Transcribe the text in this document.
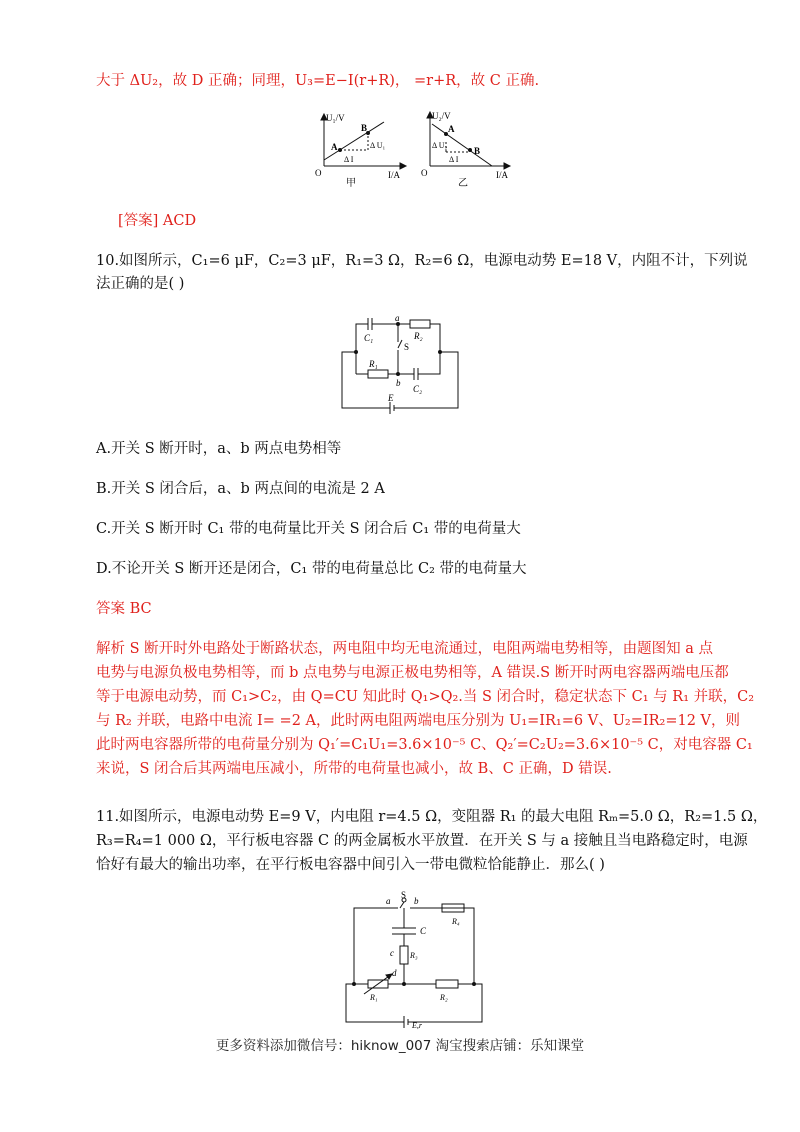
大于 ΔU₂，故 D 正确；同理，U₃=E−I(r+R)， =r+R，故 C 正确.
U₁/V
I/A
O
A
B
Δ U₁
Δ I
甲
U₂/V
I/A
O
A
B
Δ U₂
Δ I
乙
[答案] ACD
10.如图所示，C₁=6 μF，C₂=3 μF，R₁=3 Ω，R₂=6 Ω，电源电动势 E=18 V，内阻不计，下列说
法正确的是( )
a
b
C₁
C₂
R₁
R₂
S
E
A.开关 S 断开时，a、b 两点电势相等
B.开关 S 闭合后，a、b 两点间的电流是 2 A
C.开关 S 断开时 C₁ 带的电荷量比开关 S 闭合后 C₁ 带的电荷量大
D.不论开关 S 断开还是闭合，C₁ 带的电荷量总比 C₂ 带的电荷量大
答案 BC
解析 S 断开时外电路处于断路状态，两电阻中均无电流通过，电阻两端电势相等，由题图知 a 点
电势与电源负极电势相等，而 b 点电势与电源正极电势相等，A 错误.S 断开时两电容器两端电压都
等于电源电动势，而 C₁>C₂，由 Q=CU 知此时 Q₁>Q₂.当 S 闭合时，稳定状态下 C₁ 与 R₁ 并联，C₂
与 R₂ 并联，电路中电流 I= =2 A，此时两电阻两端电压分别为 U₁=IR₁=6 V、U₂=IR₂=12 V，则
此时两电容器所带的电荷量分别为 Q₁′=C₁U₁=3.6×10⁻⁵ C、Q₂′=C₂U₂=3.6×10⁻⁵ C，对电容器 C₁
来说，S 闭合后其两端电压减小，所带的电荷量也减小，故 B、C 正确，D 错误.
11.如图所示，电源电动势 E=9 V，内电阻 r=4.5 Ω，变阻器 R₁ 的最大电阻 Rₘ=5.0 Ω，R₂=1.5 Ω，
R₃=R₄=1 000 Ω，平行板电容器 C 的两金属板水平放置．在开关 S 与 a 接触且当电路稳定时，电源
恰好有最大的输出功率，在平行板电容器中间引入一带电微粒恰能静止．那么( )
S
a	b
c
d
C
R₃
R₄
R₁	R₂
E,r
更多资料添加微信号：hiknow_007 淘宝搜索店铺：乐知课堂
